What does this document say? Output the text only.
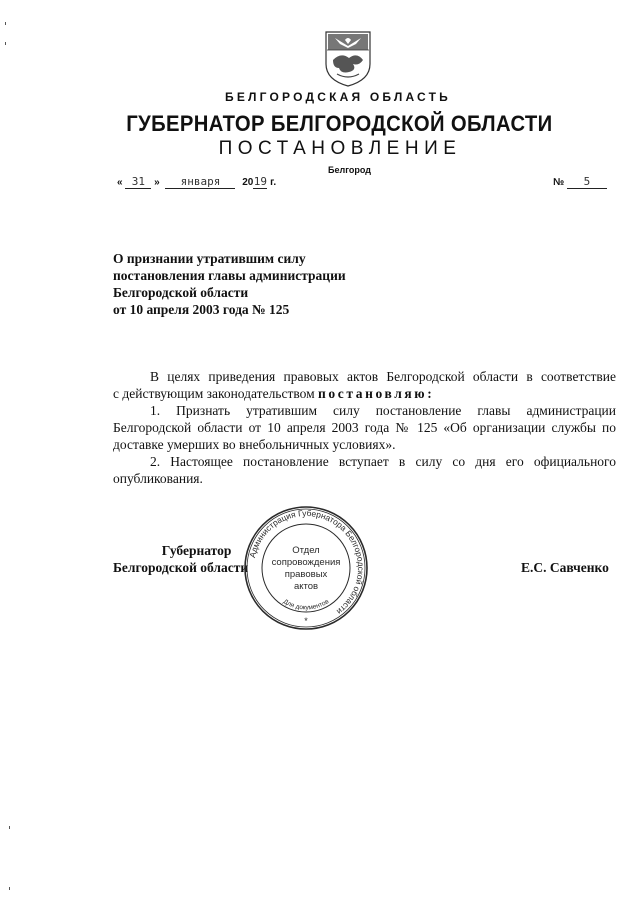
БЕЛГОРОДСКАЯ ОБЛАСТЬ
ГУБЕРНАТОР БЕЛГОРОДСКОЙ ОБЛАСТИ
ПОСТАНОВЛЕНИЕ
Белгород
« 31 » января 2019 г.	№ 5
О признании утратившим силу
постановления главы администрации
Белгородской области
от 10 апреля 2003 года № 125
В целях приведения правовых актов Белгородской области в соответствие
с действующим законодательством постановляю:
1. Признать утратившим силу постановление главы администрации Белгородской области от 10 апреля 2003 года № 125 «Об организации службы по доставке умерших во внебольничных условиях».
2. Настоящее постановление вступает в силу со дня его официального опубликования.
Губернатор
Белгородской области	Е.С. Савченко
Администрация Губернатора Белгородской области
Отдел
сопровождения
правовых
актов
Для документов
*
